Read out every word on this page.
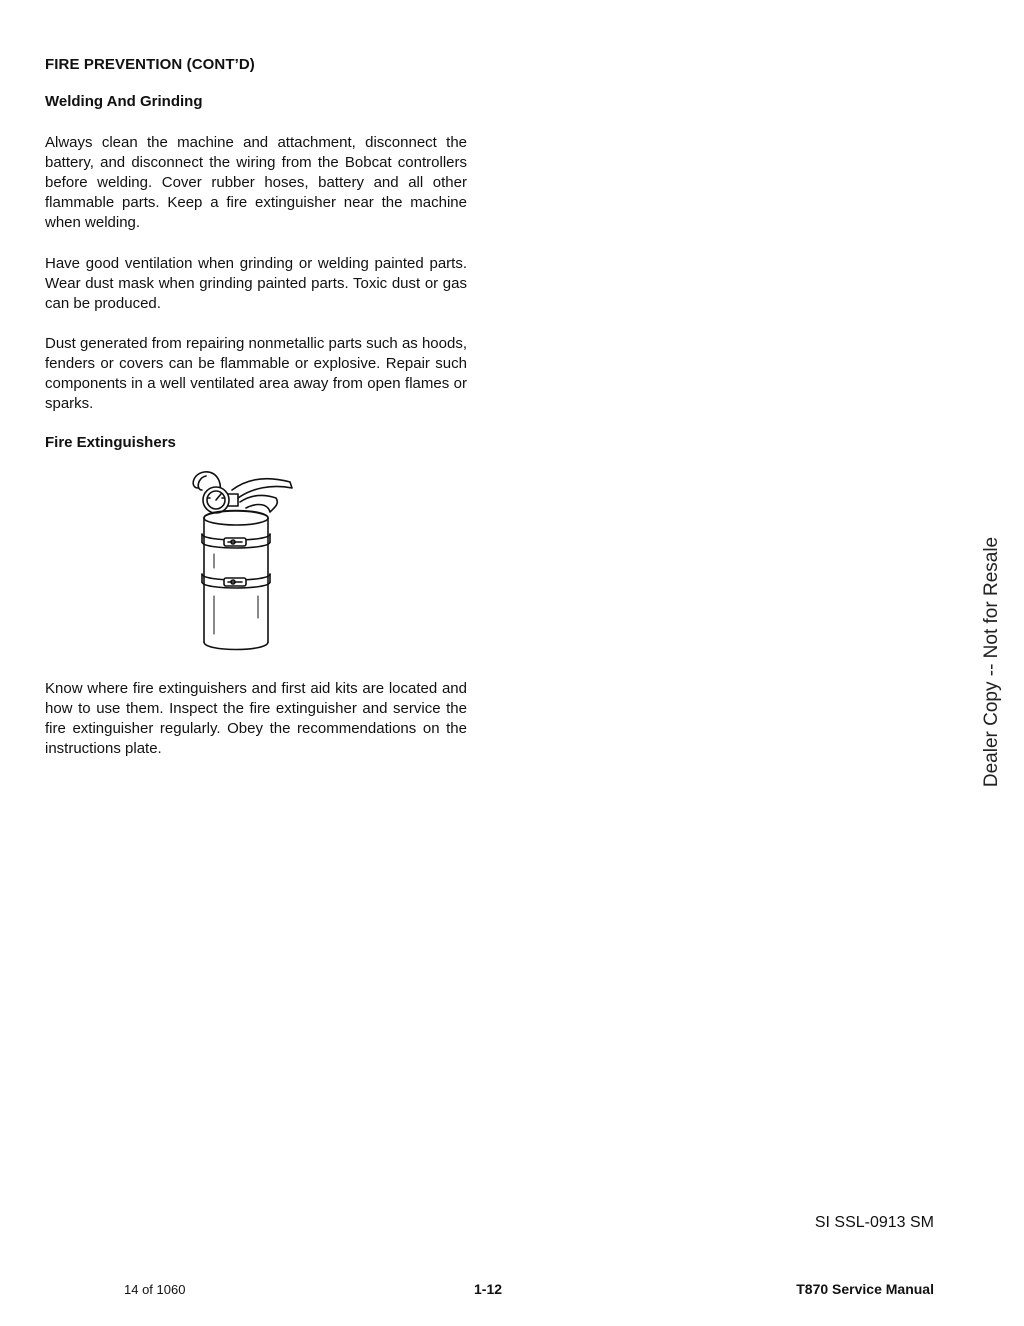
FIRE PREVENTION (CONT’D)
Welding And Grinding
Always clean the machine and attachment, disconnect the battery, and disconnect the wiring from the Bobcat controllers before welding. Cover rubber hoses, battery and all other flammable parts. Keep a fire extinguisher near the machine when welding.
Have good ventilation when grinding or welding painted parts. Wear dust mask when grinding painted parts. Toxic dust or gas can be produced.
Dust generated from repairing nonmetallic parts such as hoods, fenders or covers can be flammable or explosive. Repair such components in a well ventilated area away from open flames or sparks.
Fire Extinguishers
Know where fire extinguishers and first aid kits are located and how to use them. Inspect the fire extinguisher and service the fire extinguisher regularly. Obey the recommendations on the instructions plate.	Dealer Copy -- Not for Resale
SI SSL-0913 SM
14 of 1060	1-12	T870 Service Manual
